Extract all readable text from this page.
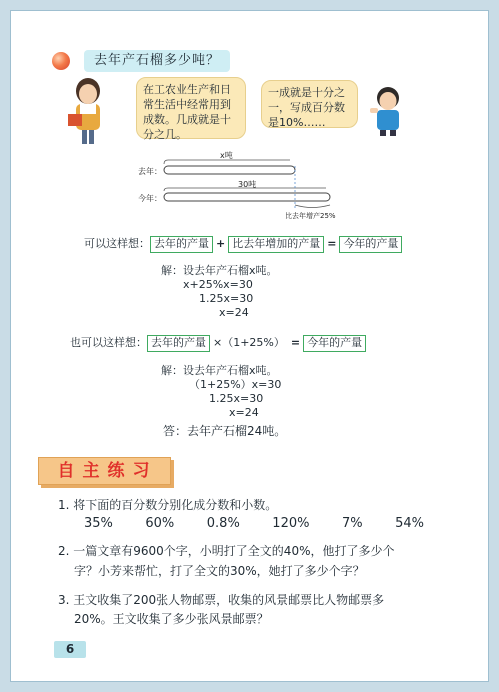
去年产石榴多少吨？
在工农业生产和日
常生活中经常用到
成数。几成就是十
分之几。
一成就是十分之
一，写成百分数
是10%……
去年：
x吨
今年：
30吨
比去年增产25%
可以这样想： 去年的产量 + 比去年增加的产量 = 今年的产量
解：设去年产石榴x吨。
x+25%x=30
1.25x=30
x=24
也可以这样想： 去年的产量 ×（1+25%） = 今年的产量
解：设去年产石榴x吨。
（1+25%）x=30
1.25x=30
x=24
答：去年产石榴24吨。
自主练习
1. 将下面的百分数分别化成分数和小数。
35% 60% 0.8% 120% 7% 54%
2. 一篇文章有9600个字，小明打了全文的40%，他打了多少个
字？小芳来帮忙，打了全文的30%，她打了多少个字？
3. 王文收集了200张人物邮票，收集的风景邮票比人物邮票多
20%。王文收集了多少张风景邮票？
6
